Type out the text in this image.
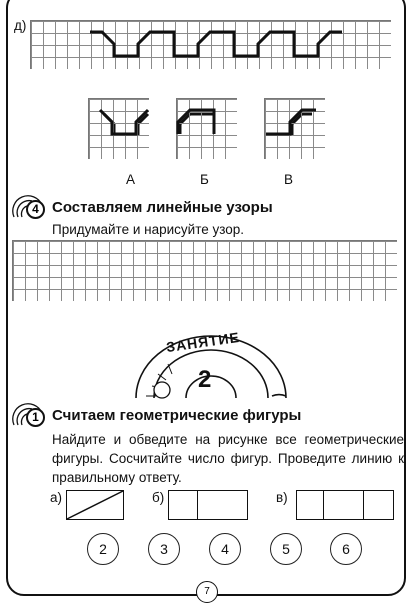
д)
А	Б	В
4 Составляем линейные узоры
Придумайте и нарисуйте узор.
ЗАНЯТИЕ
2
1 Считаем геометрические фигуры
Найдите и обведите на рисунке все геометрические фигуры. Сосчитайте число фигур. Проведите линию к правильному ответу.
а)	б)	в)
2	3	4	5	6
7
